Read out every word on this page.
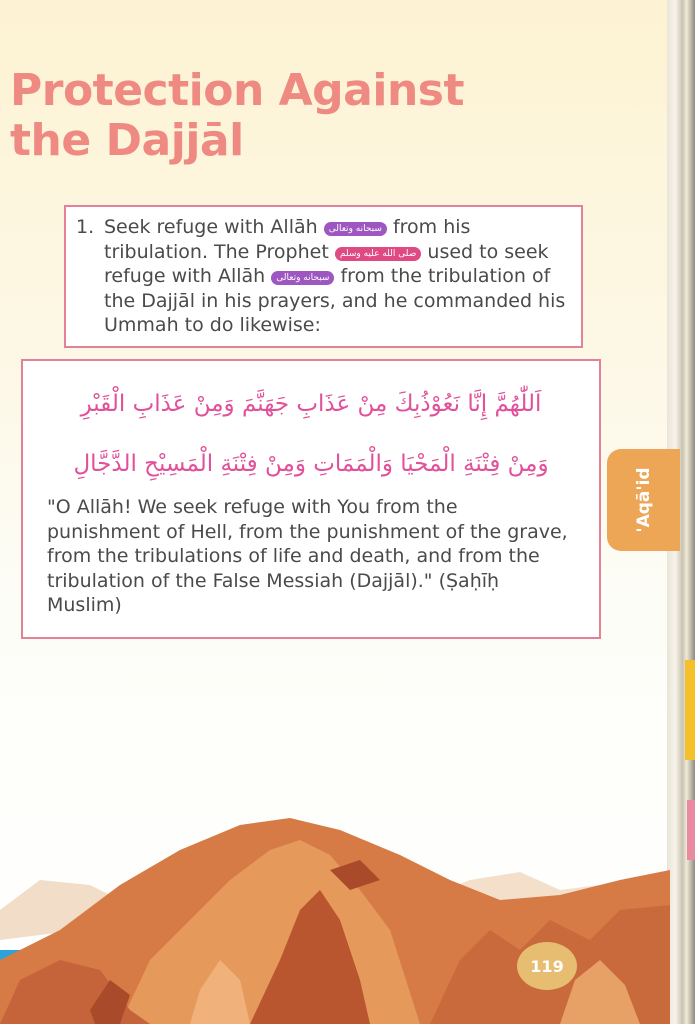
Protection Against
the Dajjāl
1. Seek refuge with Allāh سبحانه وتعالى from his tribulation. The Prophet صلى الله عليه وسلم used to seek refuge with Allāh سبحانه وتعالى from the tribulation of the Dajjāl in his prayers, and he commanded his Ummah to do likewise:
اَللّٰهُمَّ إِنَّا نَعُوْذُبِكَ مِنْ عَذَابِ جَهَنَّمَ وَمِنْ عَذَابِ الْقَبْرِ
وَمِنْ فِتْنَةِ الْمَحْيَا وَالْمَمَاتِ وَمِنْ فِتْنَةِ الْمَسِيْحِ الدَّجَّالِ
"O Allāh! We seek refuge with You from the punishment of Hell, from the punishment of the grave, from the tribulations of life and death, and from the tribulation of the False Messiah (Dajjāl)." (Ṣaḥīḥ Muslim)
'Aqā'id
119
